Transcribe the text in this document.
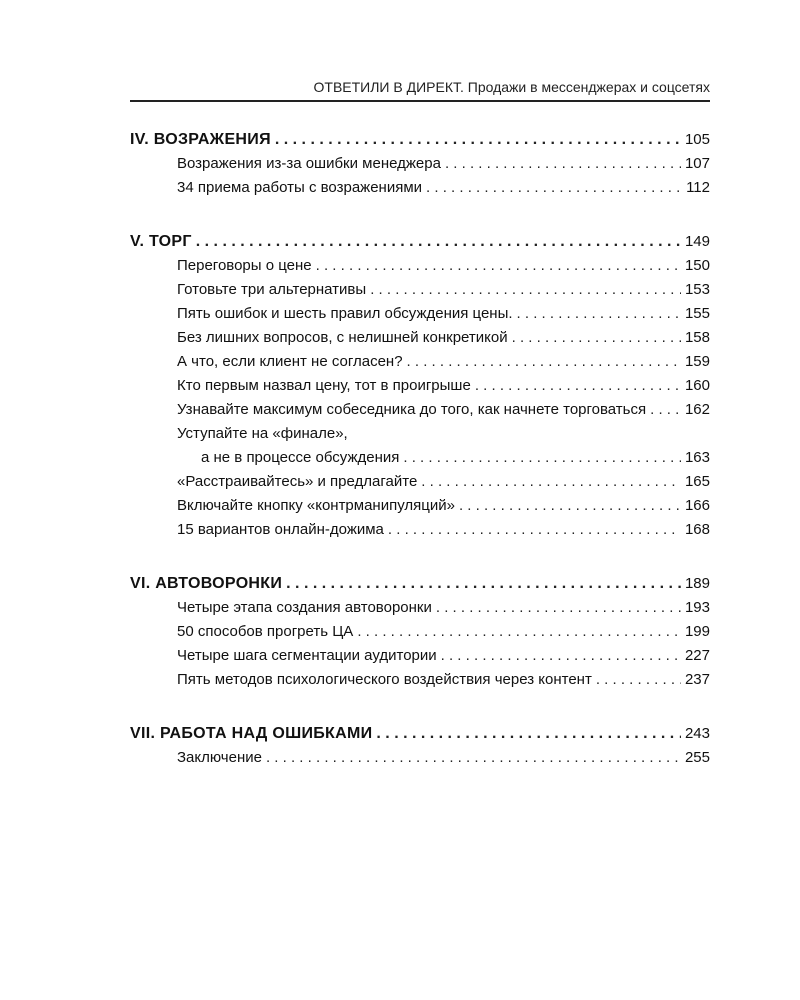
ОТВЕТИЛИ В ДИРЕКТ. Продажи в мессенджерах и соцсетях
IV. ВОЗРАЖЕНИЯ . . .	105
Возражения из-за ошибки менеджера . . .	107
34 приема работы с возражениями . . .	112
V. ТОРГ . . .	149
Переговоры о цене . . .	150
Готовьте три альтернативы . . .	153
Пять ошибок и шесть правил обсуждения цены. . . .	155
Без лишних вопросов, с нелишней конкретикой . . .	158
А что, если клиент не согласен? . . .	159
Кто первым назвал цену, тот в проигрыше . . .	160
Узнавайте максимум собеседника до того, как начнете торговаться . . .	162
Уступайте на «финале»,
а не в процессе обсуждения . . .	163
«Расстраивайтесь» и предлагайте . . .	165
Включайте кнопку «контрманипуляций» . . .	166
15 вариантов онлайн-дожима . . .	168
VI. АВТОВОРОНКИ . . .	189
Четыре этапа создания автоворонки . . .	193
50 способов прогреть ЦА . . .	199
Четыре шага сегментации аудитории . . .	227
Пять методов психологического воздействия через контент . . .	237
VII. РАБОТА НАД ОШИБКАМИ . . .	243
Заключение . . .	255
